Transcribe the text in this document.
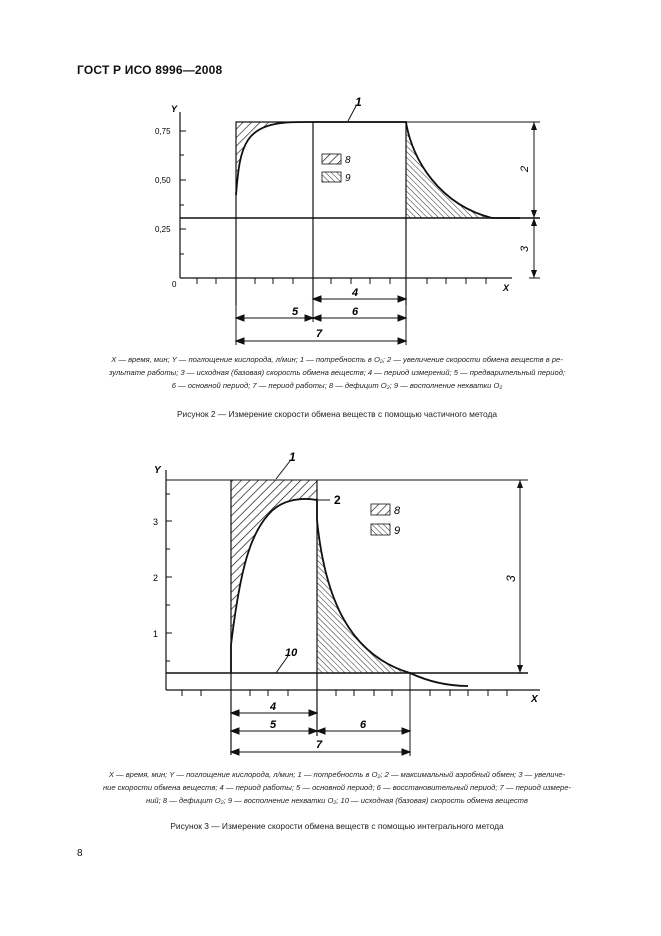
ГОСТ Р ИСО 8996—2008
Y
X
0,75
0,50
0,25
0
1
8
9
2
3
4
5	6
7
X — время, мин; Y — поглощение кислорода, л/мин; 1 — потребность в O₂; 2 — увеличение скорости обмена веществ в ре-
зультате работы; 3 — исходная (базовая) скорость обмена веществ; 4 — период измерений; 5 — предварительный период;
6 — основной период; 7 — период работы; 8 — дефицит O₂; 9 — восполнение нехватки O₂
Рисунок 2 — Измерение скорости обмена веществ с помощью частичного метода
Y
X
3
2
1
1
2
10
8
9
3
4
5	6
7
X — время, мин; Y — поглощение кислорода, л/мин; 1 — потребность в O₂; 2 — максимальный аэробный обмен; 3 — увеличе-
ние скорости обмена веществ; 4 — период работы; 5 — основной период; 6 — восстановительный период; 7 — период измере-
ний; 8 — дефицит O₂; 9 — восполнение нехватки O₂; 10 — исходная (базовая) скорость обмена веществ
Рисунок 3 — Измерение скорости обмена веществ с помощью интегрального метода
8
